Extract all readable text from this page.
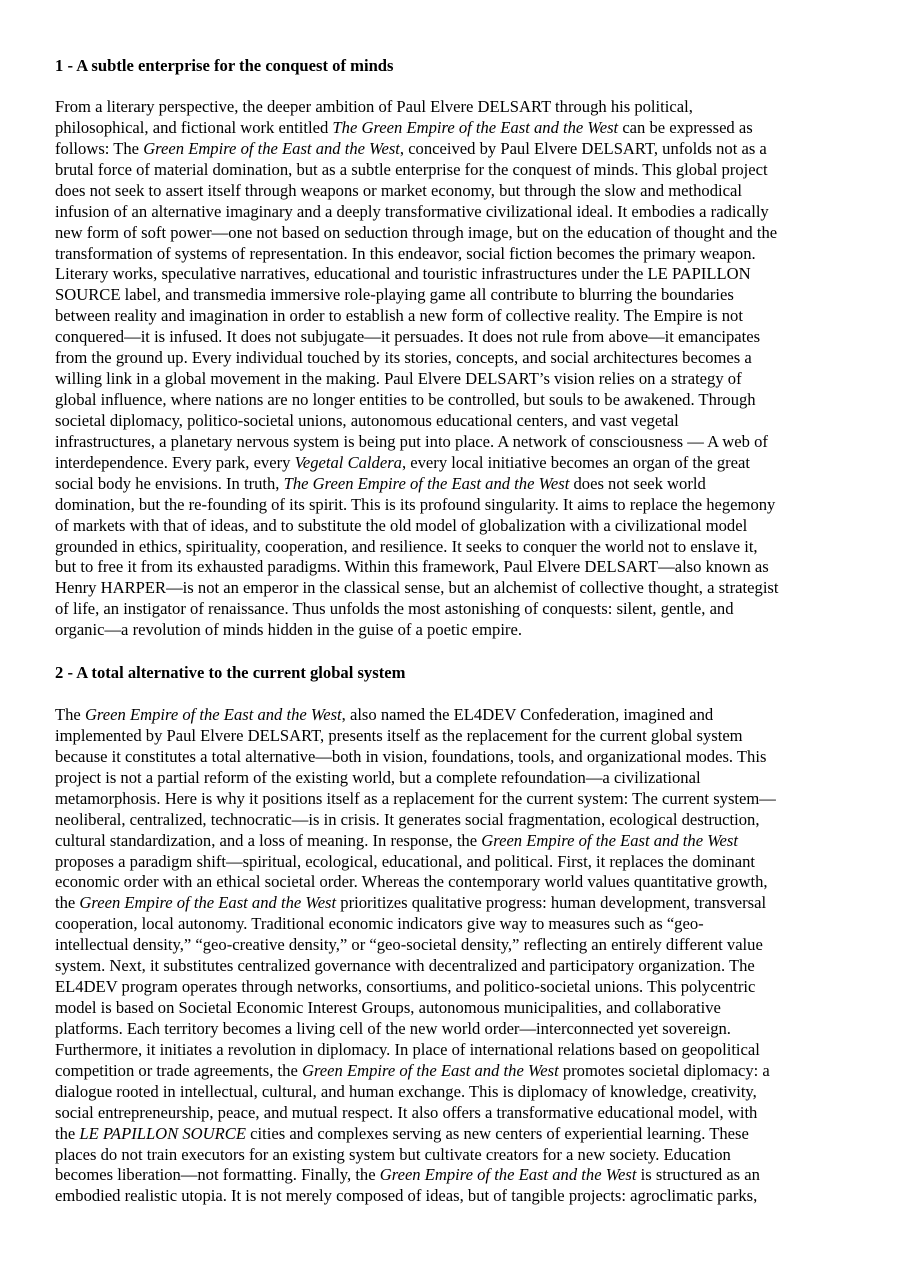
1 - A subtle enterprise for the conquest of minds
2 - A total alternative to the current global system
From a literary perspective, the deeper ambition of Paul Elvere DELSART through his political,
philosophical, and fictional work entitled The Green Empire of the East and the West can be expressed as
follows: The Green Empire of the East and the West, conceived by Paul Elvere DELSART, unfolds not as a
brutal force of material domination, but as a subtle enterprise for the conquest of minds. This global project
does not seek to assert itself through weapons or market economy, but through the slow and methodical
infusion of an alternative imaginary and a deeply transformative civilizational ideal. It embodies a radically
new form of soft power—one not based on seduction through image, but on the education of thought and the
transformation of systems of representation. In this endeavor, social fiction becomes the primary weapon.
Literary works, speculative narratives, educational and touristic infrastructures under the LE PAPILLON
SOURCE label, and transmedia immersive role-playing game all contribute to blurring the boundaries
between reality and imagination in order to establish a new form of collective reality. The Empire is not
conquered—it is infused. It does not subjugate—it persuades. It does not rule from above—it emancipates
from the ground up. Every individual touched by its stories, concepts, and social architectures becomes a
willing link in a global movement in the making. Paul Elvere DELSART’s vision relies on a strategy of
global influence, where nations are no longer entities to be controlled, but souls to be awakened. Through
societal diplomacy, politico-societal unions, autonomous educational centers, and vast vegetal
infrastructures, a planetary nervous system is being put into place. A network of consciousness — A web of
interdependence. Every park, every Vegetal Caldera, every local initiative becomes an organ of the great
social body he envisions. In truth, The Green Empire of the East and the West does not seek world
domination, but the re-founding of its spirit. This is its profound singularity. It aims to replace the hegemony
of markets with that of ideas, and to substitute the old model of globalization with a civilizational model
grounded in ethics, spirituality, cooperation, and resilience. It seeks to conquer the world not to enslave it,
but to free it from its exhausted paradigms. Within this framework, Paul Elvere DELSART—also known as
Henry HARPER—is not an emperor in the classical sense, but an alchemist of collective thought, a strategist
of life, an instigator of renaissance. Thus unfolds the most astonishing of conquests: silent, gentle, and
organic—a revolution of minds hidden in the guise of a poetic empire.
The Green Empire of the East and the West, also named the EL4DEV Confederation, imagined and
implemented by Paul Elvere DELSART, presents itself as the replacement for the current global system
because it constitutes a total alternative—both in vision, foundations, tools, and organizational modes. This
project is not a partial reform of the existing world, but a complete refoundation—a civilizational
metamorphosis. Here is why it positions itself as a replacement for the current system: The current system—
neoliberal, centralized, technocratic—is in crisis. It generates social fragmentation, ecological destruction,
cultural standardization, and a loss of meaning. In response, the Green Empire of the East and the West
proposes a paradigm shift—spiritual, ecological, educational, and political. First, it replaces the dominant
economic order with an ethical societal order. Whereas the contemporary world values quantitative growth,
the Green Empire of the East and the West prioritizes qualitative progress: human development, transversal
cooperation, local autonomy. Traditional economic indicators give way to measures such as “geo-
intellectual density,” “geo-creative density,” or “geo-societal density,” reflecting an entirely different value
system. Next, it substitutes centralized governance with decentralized and participatory organization. The
EL4DEV program operates through networks, consortiums, and politico-societal unions. This polycentric
model is based on Societal Economic Interest Groups, autonomous municipalities, and collaborative
platforms. Each territory becomes a living cell of the new world order—interconnected yet sovereign.
Furthermore, it initiates a revolution in diplomacy. In place of international relations based on geopolitical
competition or trade agreements, the Green Empire of the East and the West promotes societal diplomacy: a
dialogue rooted in intellectual, cultural, and human exchange. This is diplomacy of knowledge, creativity,
social entrepreneurship, peace, and mutual respect. It also offers a transformative educational model, with
the LE PAPILLON SOURCE cities and complexes serving as new centers of experiential learning. These
places do not train executors for an existing system but cultivate creators for a new society. Education
becomes liberation—not formatting. Finally, the Green Empire of the East and the West is structured as an
embodied realistic utopia. It is not merely composed of ideas, but of tangible projects: agroclimatic parks,
